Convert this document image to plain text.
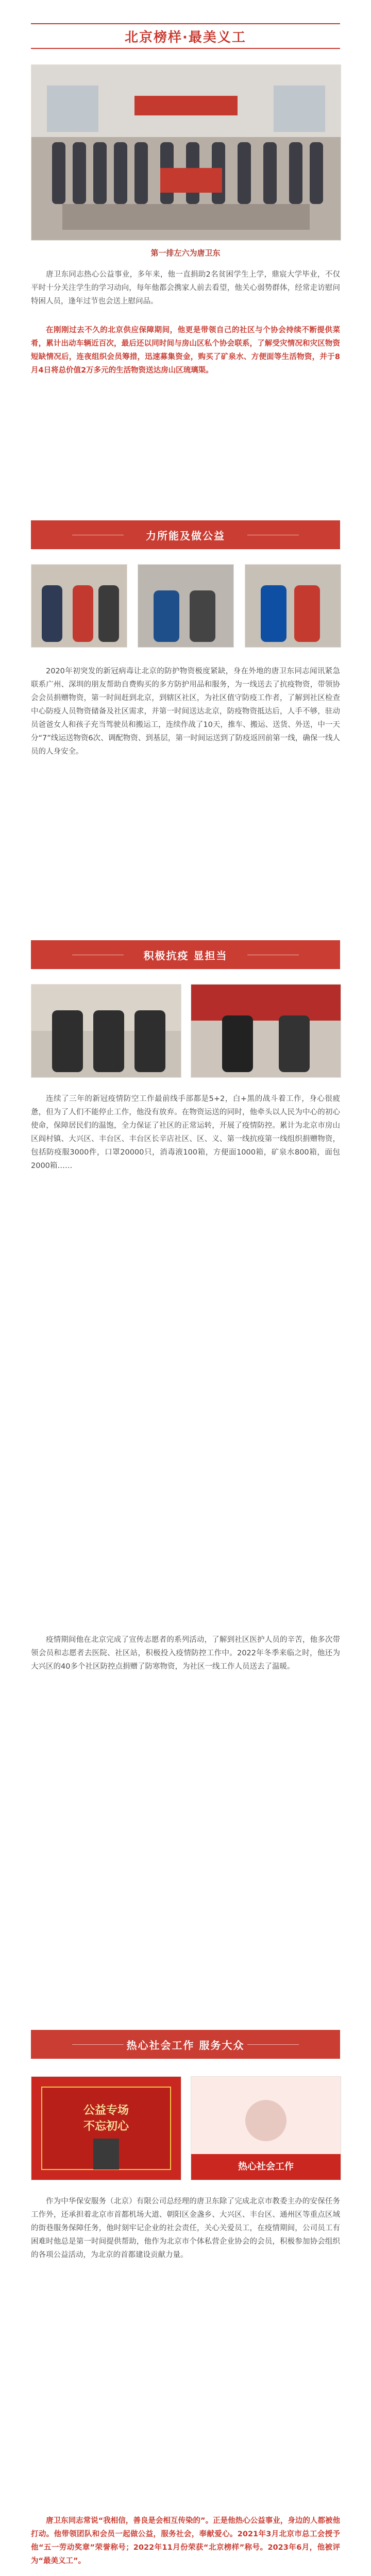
北京榜样·最美义工
第一排左六为唐卫东

唐卫东同志热心公益事业，多年来，他一直捐助2名贫困学生上学，鼎宸大学毕业，不仅平时十分关注学生的学习动向，每年他都会携家人前去看望，他关心弱势群体，经常走访慰问特困人员，逢年过节也会送上慰问品。

在刚刚过去不久的北京供应保障期间，他更是带领自己的社区与个协会持续不断提供菜肴，累计出动车辆近百次，最后还以同时间与房山区私个协会联系，了解受灾情况和灾区物资短缺情况后，连夜组织会员筹措，迅速募集资金，购买了矿泉水、方便面等生活物资，并于8月4日将总价值2万多元的生活物资送达房山区琉璃渠。

力所能及做公益

2020年初突发的新冠病毒让北京的防护物资极度紧缺，身在外地的唐卫东同志闻讯紧急联系广州、深圳的朋友帮助自费购买的多方防护用品和服务，为一线送去了抗疫物资，带领协会会员捐赠物资，第一时间赶到北京，到辖区社区，为社区值守防疫工作者，了解到社区检查中心防疫人员物资储备及社区需求，并第一时间送达北京，防疫物资抵达后，人手不够，驻动员爸爸女人和孩子充当驾驶员和搬运工，连续作战了10天，推车、搬运、送货、外送，中一天分“7”线运送物资6次、调配物资、到基层，第一时间运送到了防疫返回前第一线，确保一线人员的人身安全。

积极抗疫 显担当

连续了三年的新冠疫情防空工作最前线手部都是5+2，白+黑的战斗着工作，身心很疲惫，但为了人们不能停止工作，他没有放弃。在物资运送的同时，他牵头以人民为中心的初心使命，保障居民们的温饱，全力保证了社区的正常运转，开展了疫情防控。累计为北京市房山区阎村镇、大兴区、丰台区、丰台区长辛店社区、区、义、第一线抗疫第一线组织捐赠物资，包括防疫服3000件，口罩20000只，消毒液100箱，方便面1000箱，矿泉水800箱，面包2000箱……

疫情期间他在北京完成了宣传志愿者的系列活动，了解到社区医护人员的辛苦，他多次带领会员和志愿者去医院、社区站，积极投入疫情防控工作中。2022年冬季来临之时，他还为大兴区的40多个社区防控点捐赠了防寒物资，为社区一线工作人员送去了温暖。

热心社会工作 服务大众
公益专场
不忘初心
热心社会工作

作为中华保安服务（北京）有限公司总经理的唐卫东除了完成北京市教委主办的安保任务工作外，还承担着北京市首都机场大道、朝阳区金盏乡、大兴区、丰台区、通州区等重点区域的街巷服务保障任务，他时刻牢记企业的社会责任，关心关爱员工，在疫情期间，公司员工有困难时他总是第一时间提供帮助，他作为北京市个体私营企业协会的会员，积极参加协会组织的各项公益活动，为北京的首都建设贡献力量。

唐卫东同志常说“我相信，善良是会相互传染的”。正是他热心公益事业，身边的人都被他打动。他带领团队和会员一起做公益，服务社会，奉献爱心。2021年3月北京市总工会授予他“五一劳动奖章”荣誉称号；2022年11月份荣获“北京榜样”称号。2023年6月，他被评为“最美义工”。
